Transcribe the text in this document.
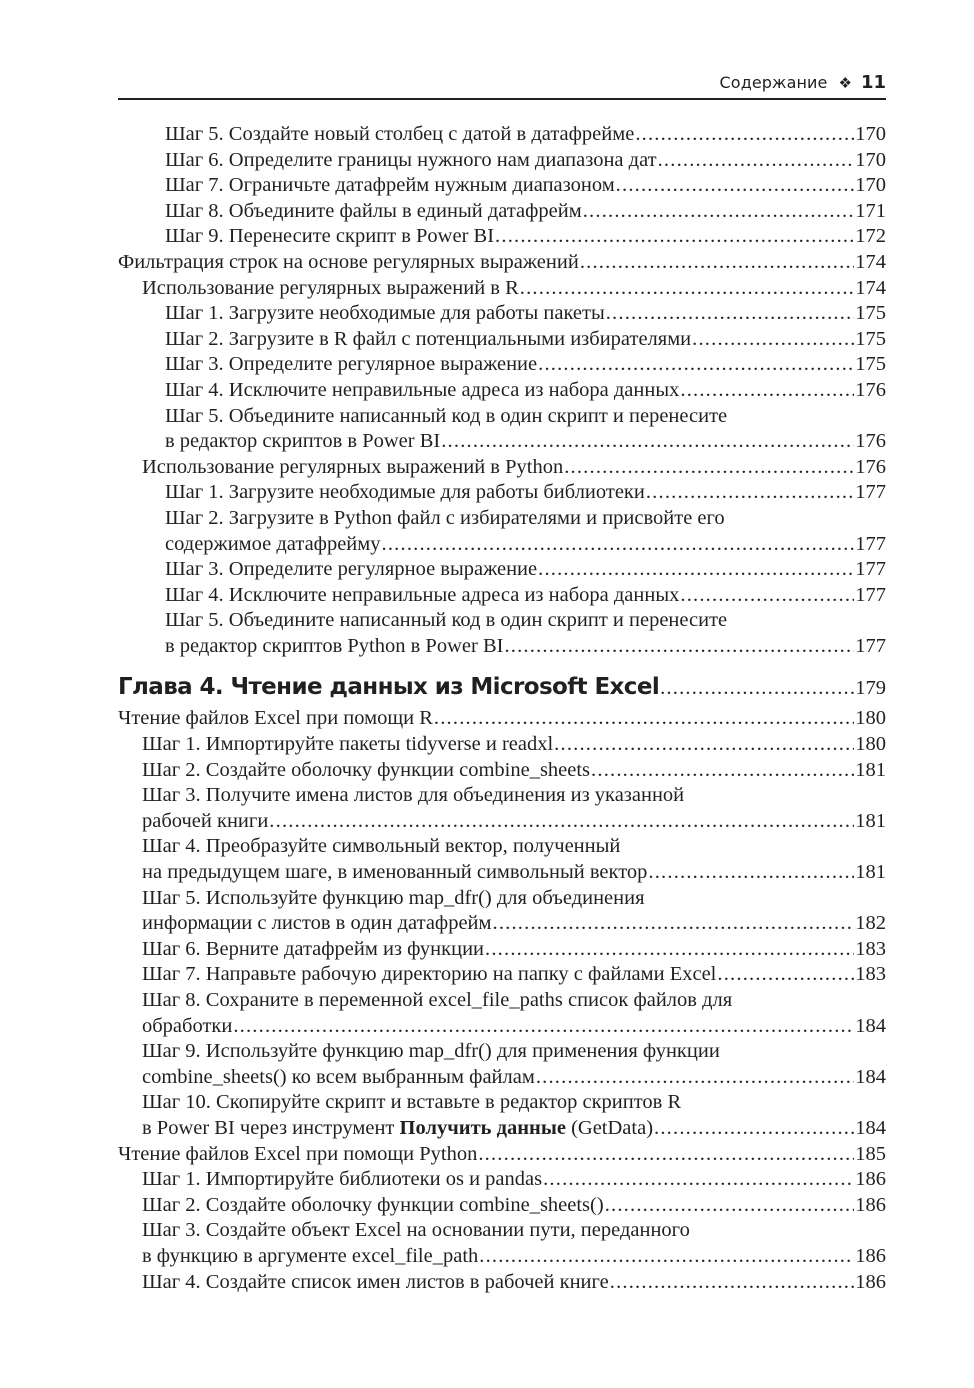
Содержание ❖ 11
Шаг 5. Создайте новый столбец с датой в датафрейме .....	170
Шаг 6. Определите границы нужного нам диапазона дат .....	170
Шаг 7. Ограничьте датафрейм нужным диапазоном .....	170
Шаг 8. Объедините файлы в единый датафрейм .....	171
Шаг 9. Перенесите скрипт в Power BI .....	172
Фильтрация строк на основе регулярных выражений .....	174
Использование регулярных выражений в R .....	174
Шаг 1. Загрузите необходимые для работы пакеты .....	175
Шаг 2. Загрузите в R файл с потенциальными избирателями .....	175
Шаг 3. Определите регулярное выражение .....	175
Шаг 4. Исключите неправильные адреса из набора данных .....	176
Шаг 5. Объедините написанный код в один скрипт и перенесите
в редактор скриптов в Power BI .....	176
Использование регулярных выражений в Python .....	176
Шаг 1. Загрузите необходимые для работы библиотеки .....	177
Шаг 2. Загрузите в Python файл с избирателями и присвойте его
содержимое датафрейму .....	177
Шаг 3. Определите регулярное выражение .....	177
Шаг 4. Исключите неправильные адреса из набора данных .....	177
Шаг 5. Объедините написанный код в один скрипт и перенесите
в редактор скриптов Python в Power BI .....	177
Глава 4. Чтение данных из Microsoft Excel .....	179
Чтение файлов Excel при помощи R .....	180
Шаг 1. Импортируйте пакеты tidyverse и readxl .....	180
Шаг 2. Создайте оболочку функции combine_sheets .....	181
Шаг 3. Получите имена листов для объединения из указанной
рабочей книги .....	181
Шаг 4. Преобразуйте символьный вектор, полученный
на предыдущем шаге, в именованный символьный вектор .....	181
Шаг 5. Используйте функцию map_dfr() для объединения
информации с листов в один датафрейм .....	182
Шаг 6. Верните датафрейм из функции .....	183
Шаг 7. Направьте рабочую директорию на папку с файлами Excel .....	183
Шаг 8. Сохраните в переменной excel_file_paths список файлов для
обработки .....	184
Шаг 9. Используйте функцию map_dfr() для применения функции
combine_sheets() ко всем выбранным файлам .....	184
Шаг 10. Скопируйте скрипт и вставьте в редактор скриптов R
в Power BI через инструмент Получить данные (GetData) .....	184
Чтение файлов Excel при помощи Python .....	185
Шаг 1. Импортируйте библиотеки os и pandas .....	186
Шаг 2. Создайте оболочку функции combine_sheets() .....	186
Шаг 3. Создайте объект Excel на основании пути, переданного
в функцию в аргументе excel_file_path .....	186
Шаг 4. Создайте список имен листов в рабочей книге .....	186
